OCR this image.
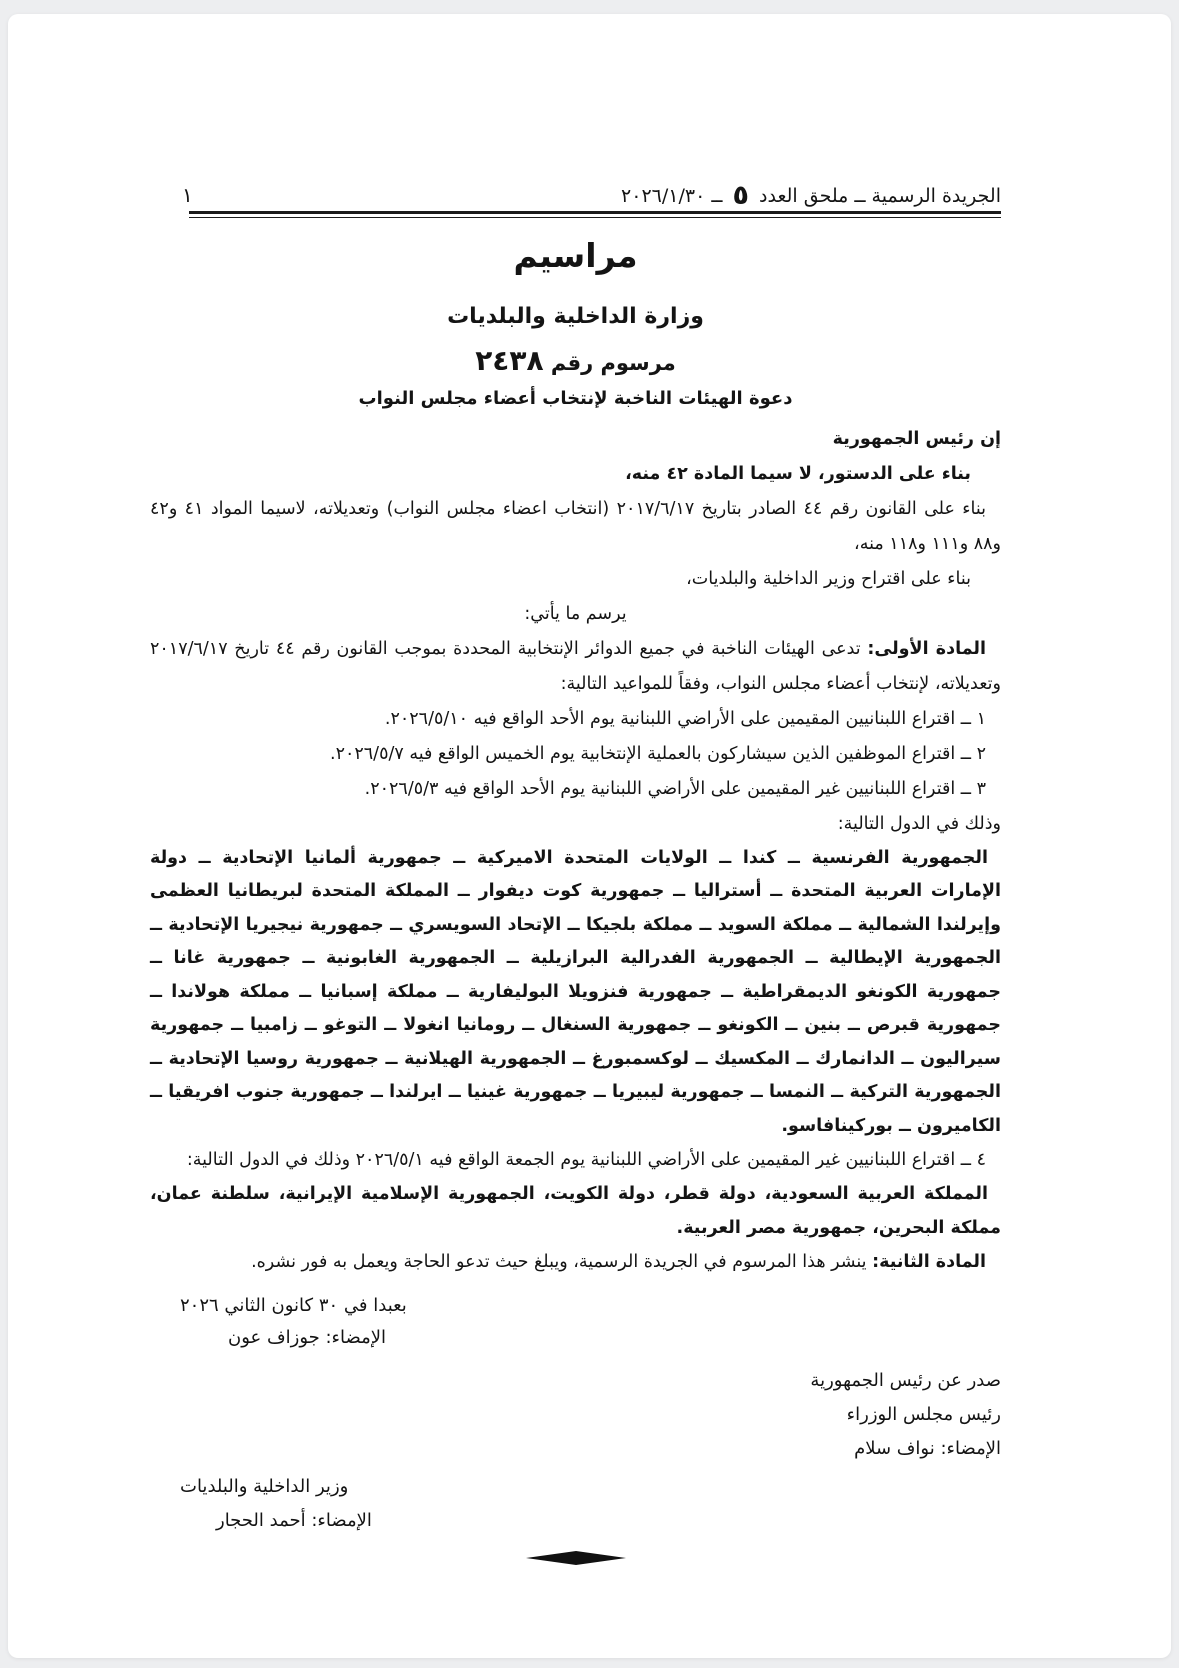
الجريدة الرسمية ــ ملحق العدد ٥ ــ ٢٠٢٦/١/٣٠
١
مراسيم
وزارة الداخلية والبلديات
مرسوم رقم ٢٤٣٨
دعوة الهيئات الناخبة لإنتخاب أعضاء مجلس النواب

إن رئيس الجمهورية

بناء على الدستور، لا سيما المادة ٤٢ منه،

بناء على القانون رقم ٤٤ الصادر بتاريخ ٢٠١٧/٦/١٧ (انتخاب اعضاء مجلس النواب) وتعديلاته، لاسيما المواد ٤١ و٤٢ و٨٨ و١١١ و١١٨ منه،

بناء على اقتراح وزير الداخلية والبلديات،

يرسم ما يأتي:

المادة الأولى: تدعى الهيئات الناخبة في جميع الدوائر الإنتخابية المحددة بموجب القانون رقم ٤٤ تاريخ ٢٠١٧/٦/١٧ وتعديلاته، لإنتخاب أعضاء مجلس النواب، وفقاً للمواعيد التالية:

١ ــ اقتراع اللبنانيين المقيمين على الأراضي اللبنانية يوم الأحد الواقع فيه ٢٠٢٦/٥/١٠.

٢ ــ اقتراع الموظفين الذين سيشاركون بالعملية الإنتخابية يوم الخميس الواقع فيه ٢٠٢٦/٥/٧.

٣ ــ اقتراع اللبنانيين غير المقيمين على الأراضي اللبنانية يوم الأحد الواقع فيه ٢٠٢٦/٥/٣.

وذلك في الدول التالية:

الجمهورية الفرنسية ــ كندا ــ الولايات المتحدة الاميركية ــ جمهورية ألمانيا الإتحادية ــ دولة الإمارات العربية المتحدة ــ أستراليا ــ جمهورية كوت ديفوار ــ المملكة المتحدة لبريطانيا العظمى وإيرلندا الشمالية ــ مملكة السويد ــ مملكة بلجيكا ــ الإتحاد السويسري ــ جمهورية نيجيريا الإتحادية ــ الجمهورية الإيطالية ــ الجمهورية الفدرالية البرازيلية ــ الجمهورية الغابونية ــ جمهورية غانا ــ جمهورية الكونغو الديمقراطية ــ جمهورية فنزويلا البوليفارية ــ مملكة إسبانيا ــ مملكة هولاندا ــ جمهورية قبرص ــ بنين ــ الكونغو ــ جمهورية السنغال ــ رومانيا انغولا ــ التوغو ــ زامبيا ــ جمهورية سيراليون ــ الدانمارك ــ المكسيك ــ لوكسمبورغ ــ الجمهورية الهيلانية ــ جمهورية روسيا الإتحادية ــ الجمهورية التركية ــ النمسا ــ جمهورية ليبيريا ــ جمهورية غينيا ــ ايرلندا ــ جمهورية جنوب افريقيا ــ الكاميرون ــ بوركينافاسو.

٤ ــ اقتراع اللبنانيين غير المقيمين على الأراضي اللبنانية يوم الجمعة الواقع فيه ٢٠٢٦/٥/١ وذلك في الدول التالية:

المملكة العربية السعودية، دولة قطر، دولة الكويت، الجمهورية الإسلامية الإيرانية، سلطنة عمان، مملكة البحرين، جمهورية مصر العربية.

المادة الثانية: ينشر هذا المرسوم في الجريدة الرسمية، ويبلغ حيث تدعو الحاجة ويعمل به فور نشره.

بعبدا في ٣٠ كانون الثاني ٢٠٢٦

الإمضاء: جوزاف عون

صدر عن رئيس الجمهورية

رئيس مجلس الوزراء

الإمضاء: نواف سلام

وزير الداخلية والبلديات

الإمضاء: أحمد الحجار
